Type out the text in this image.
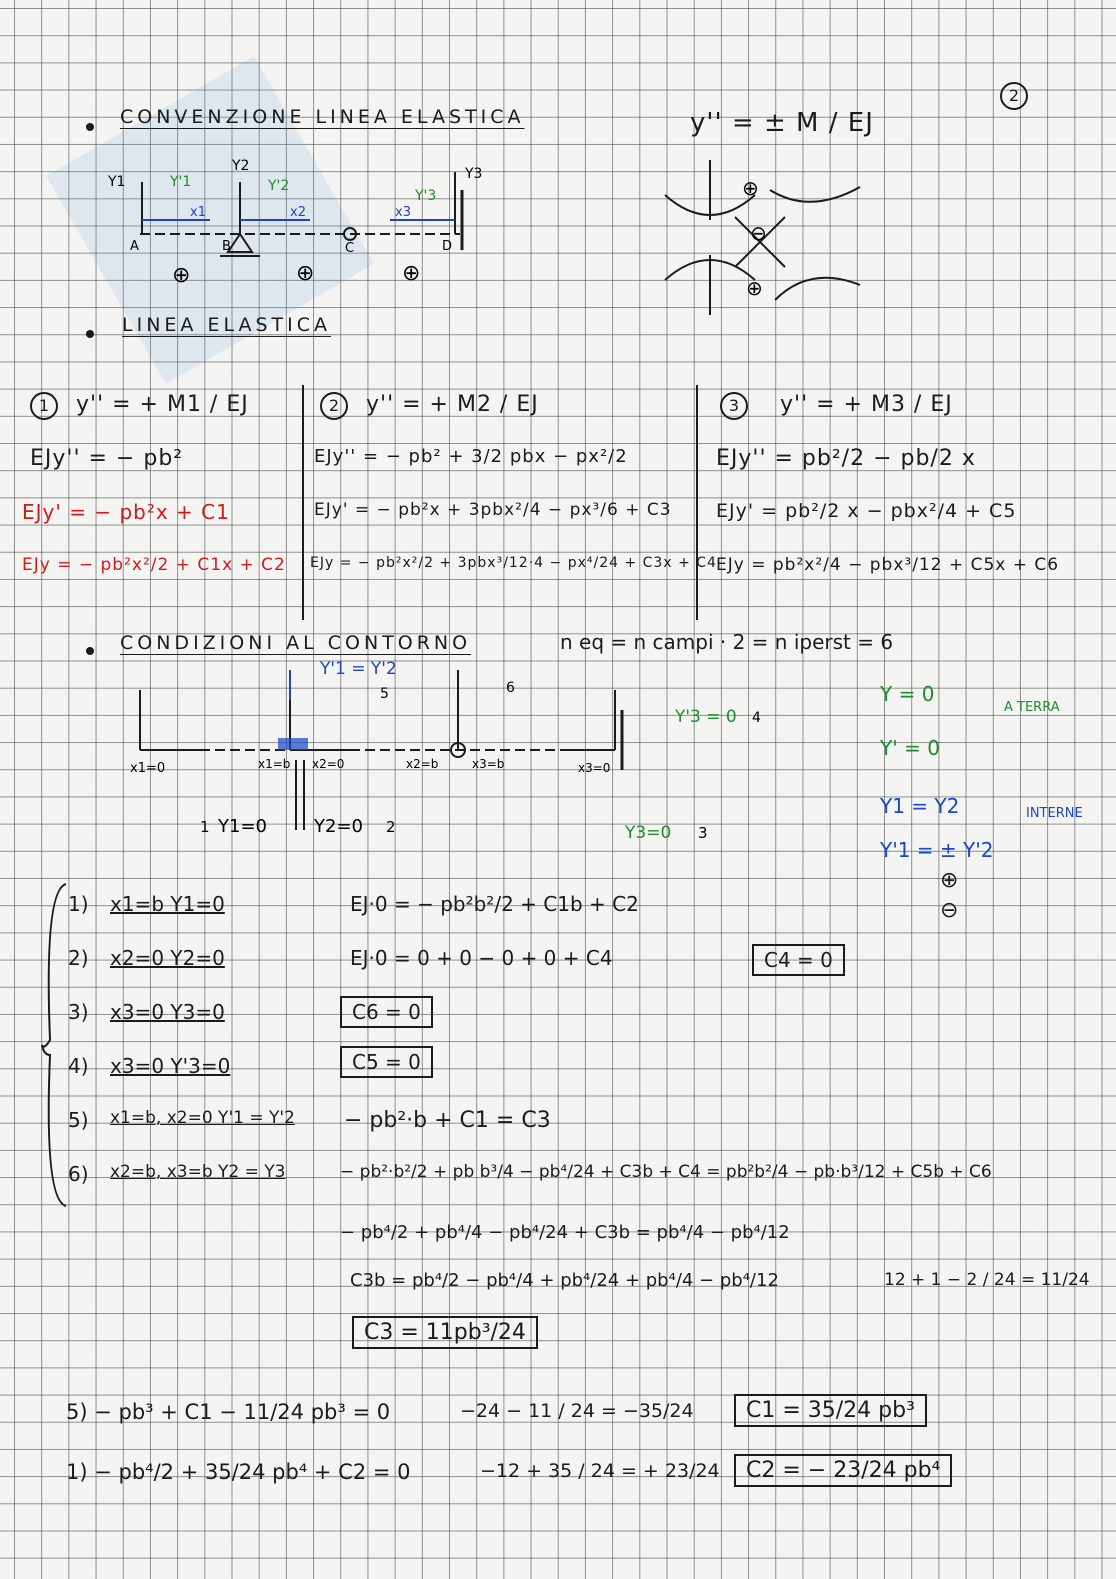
2
CONVENZIONE LINEA ELASTICA	y'' = ± M / EJ
Y1	Y'1
x1
Y2
Y'2
x2
Y3
Y'3
x3
A	B	C	D
⊕	⊕	⊕
⊕
⊖
⊕
LINEA ELASTICA
1	y'' = + M1 / EJ
EJy'' = − pb²
EJy' = − pb²x + C1
EJy = − pb²x²/2 + C1x + C2
2	y'' = + M2 / EJ
EJy'' = − pb² + 3/2 pbx − px²/2
EJy' = − pb²x + 3pbx²/4 − px³/6 + C3
EJy = − pb²x²/2 + 3pbx³/12·4 − px⁴/24 + C3x + C4
3	y'' = + M3 / EJ
EJy'' = pb²/2 − pb/2 x
EJy' = pb²/2 x − pbx²/4 + C5
EJy = pb²x²/4 − pbx³/12 + C5x + C6
CONDIZIONI AL CONTORNO	n eq = n campi · 2 = n iperst = 6
Y'1 = Y'2
5	6
Y'3 = 0 4
x1=0	x1=b x2=0	x2=b	x3=b	x3=0
1 Y1=0	Y2=0 2	Y3=0 3
Y = 0
Y' = 0
A TERRA
Y1 = Y2
Y'1 = ± Y'2
INTERNE
⊕
⊖
1) x1=b Y1=0	EJ·0 = − pb²b²/2 + C1b + C2
2) x2=0 Y2=0	EJ·0 = 0 + 0 − 0 + 0 + C4	C4 = 0
3) x3=0 Y3=0	C6 = 0
4) x3=0 Y'3=0	C5 = 0
5) x1=b, x2=0 Y'1 = Y'2 − pb²·b + C1 = C3
6) x2=b, x3=b Y2 = Y3	− pb²·b²/2 + pb b³/4 − pb⁴/24 + C3b + C4 = pb²b²/4 − pb·b³/12 + C5b + C6
− pb⁴/2 + pb⁴/4 − pb⁴/24 + C3b = pb⁴/4 − pb⁴/12
C3b = pb⁴/2 − pb⁴/4 + pb⁴/24 + pb⁴/4 − pb⁴/12	12 + 1 − 2 / 24 = 11/24
C3 = 11pb³/24
5) − pb³ + C1 − 11/24 pb³ = 0	−24 − 11 / 24 = −35/24
1) − pb⁴/2 + 35/24 pb⁴ + C2 = 0	−12 + 35 / 24 = + 23/24
C1 = 35/24 pb³
C2 = − 23/24 pb⁴
